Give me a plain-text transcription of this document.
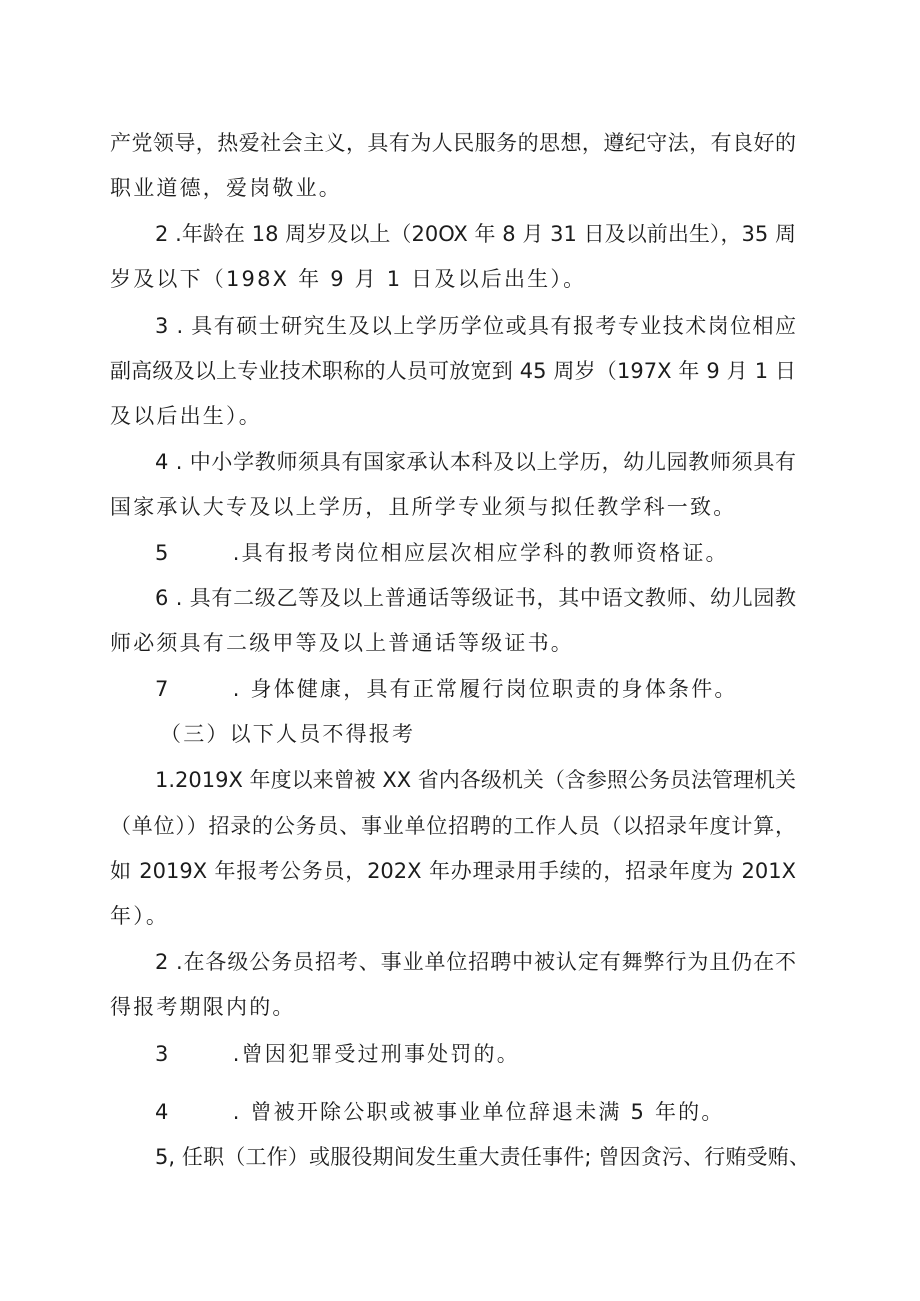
产党领导，热爱社会主义，具有为人民服务的思想，遵纪守法，有良好的
职业道德，爱岗敬业。
2 .年龄在 18 周岁及以上（20OX 年 8 月 31 日及以前出生），35 周
岁及以下（198X 年 9 月 1 日及以后出生）。
3 . 具有硕士研究生及以上学历学位或具有报考专业技术岗位相应
副高级及以上专业技术职称的人员可放宽到 45 周岁（197X 年 9 月 1 日
及以后出生）。
4 . 中小学教师须具有国家承认本科及以上学历，幼儿园教师须具有
国家承认大专及以上学历，且所学专业须与拟任教学科一致。
5       .具有报考岗位相应层次相应学科的教师资格证。
6 . 具有二级乙等及以上普通话等级证书，其中语文教师、幼儿园教
师必须具有二级甲等及以上普通话等级证书。
7       . 身体健康，具有正常履行岗位职责的身体条件。
（三）以下人员不得报考
1.2019X 年度以来曾被 XX 省内各级机关（含参照公务员法管理机关
（单位））招录的公务员、事业单位招聘的工作人员（以招录年度计算，
如 2019X 年报考公务员，202X 年办理录用手续的，招录年度为 201X
年）。
2 .在各级公务员招考、事业单位招聘中被认定有舞弊行为且仍在不
得报考期限内的。
3       .曾因犯罪受过刑事处罚的。
4       . 曾被开除公职或被事业单位辞退未满 5 年的。
5, 任职（工作）或服役期间发生重大责任事件; 曾因贪污、行贿受贿、
